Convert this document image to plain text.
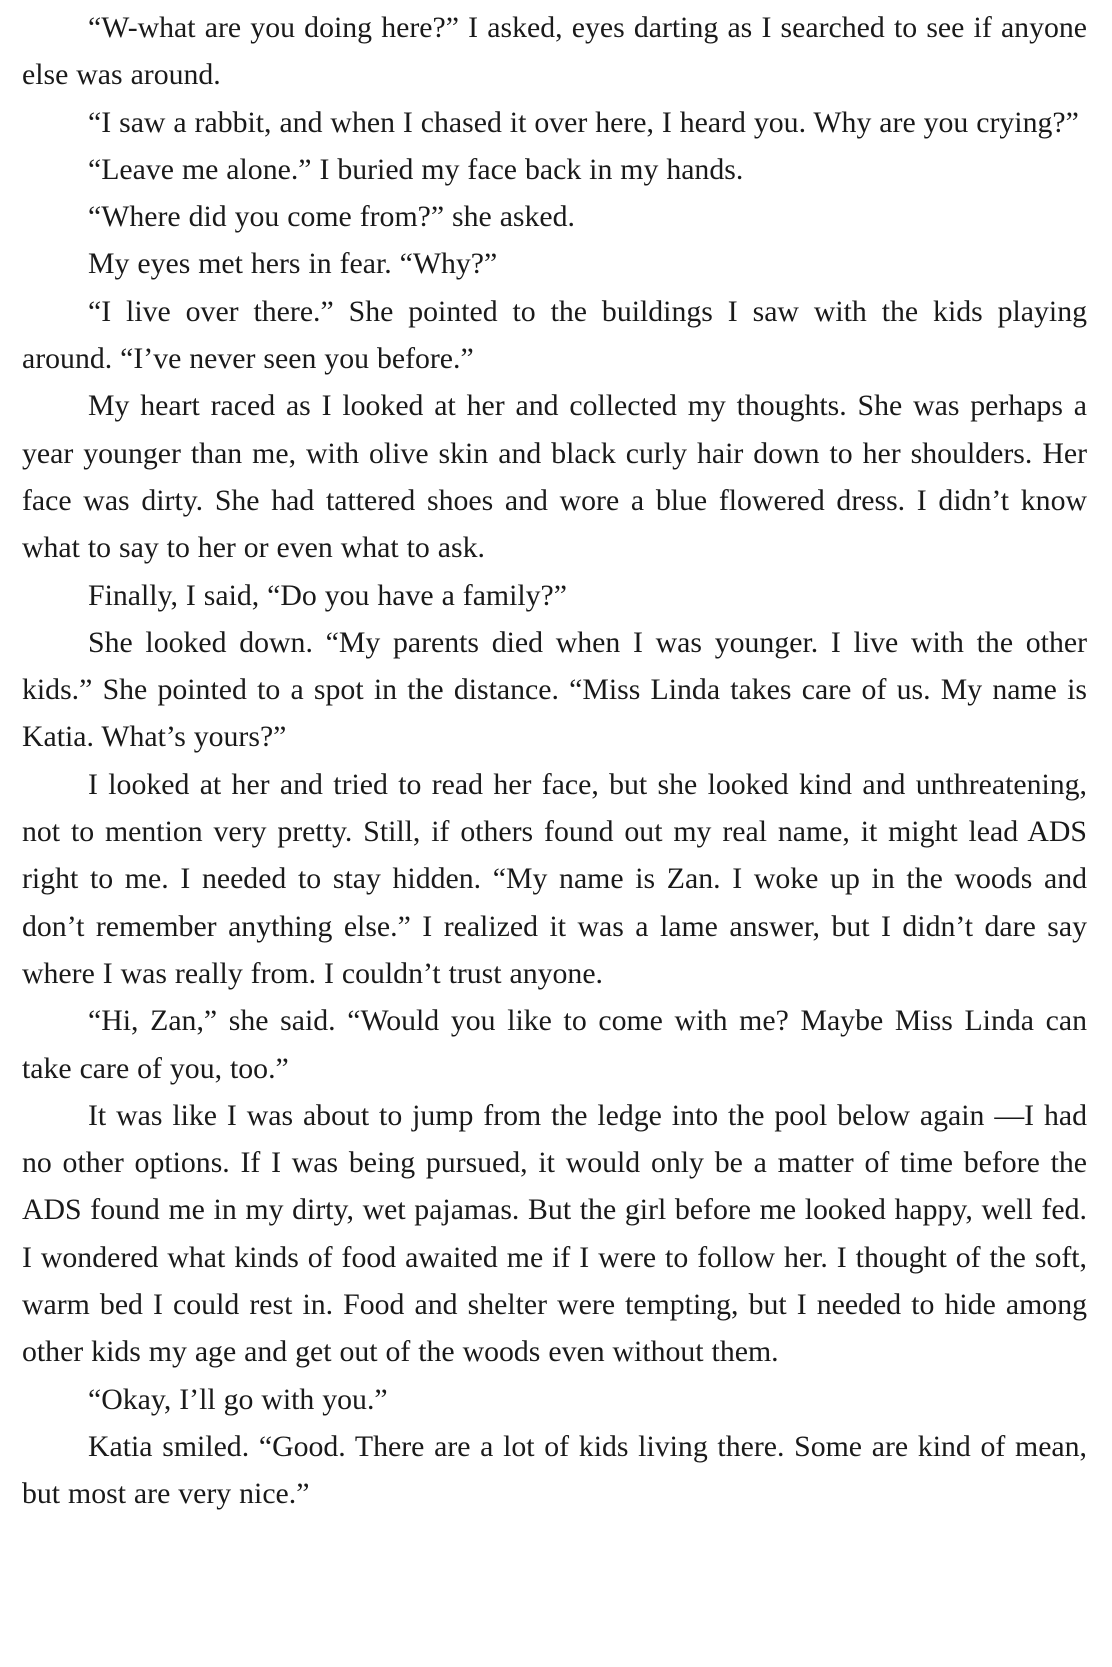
“W-what are you doing here?” I asked, eyes darting as I searched to see if anyone else was around.

“I saw a rabbit, and when I chased it over here, I heard you. Why are you crying?”

“Leave me alone.” I buried my face back in my hands.

“Where did you come from?” she asked.

My eyes met hers in fear. “Why?”

“I live over there.” She pointed to the buildings I saw with the kids playing around. “I’ve never seen you before.”

My heart raced as I looked at her and collected my thoughts. She was perhaps a year younger than me, with olive skin and black curly hair down to her shoulders. Her face was dirty. She had tattered shoes and wore a blue flowered dress. I didn’t know what to say to her or even what to ask.

Finally, I said, “Do you have a family?”

She looked down. “My parents died when I was younger. I live with the other kids.” She pointed to a spot in the distance. “Miss Linda takes care of us. My name is Katia. What’s yours?”

I looked at her and tried to read her face, but she looked kind and unthreatening, not to mention very pretty. Still, if others found out my real name, it might lead ADS right to me. I needed to stay hidden. “My name is Zan. I woke up in the woods and don’t remember anything else.” I realized it was a lame answer, but I didn’t dare say where I was really from. I couldn’t trust anyone.

“Hi, Zan,” she said. “Would you like to come with me? Maybe Miss Linda can take care of you, too.”

It was like I was about to jump from the ledge into the pool below again —I had no other options. If I was being pursued, it would only be a matter of time before the ADS found me in my dirty, wet pajamas. But the girl before me looked happy, well fed. I wondered what kinds of food awaited me if I were to follow her. I thought of the soft, warm bed I could rest in. Food and shelter were tempting, but I needed to hide among other kids my age and get out of the woods even without them.

“Okay, I’ll go with you.”

Katia smiled. “Good. There are a lot of kids living there. Some are kind of mean, but most are very nice.”
